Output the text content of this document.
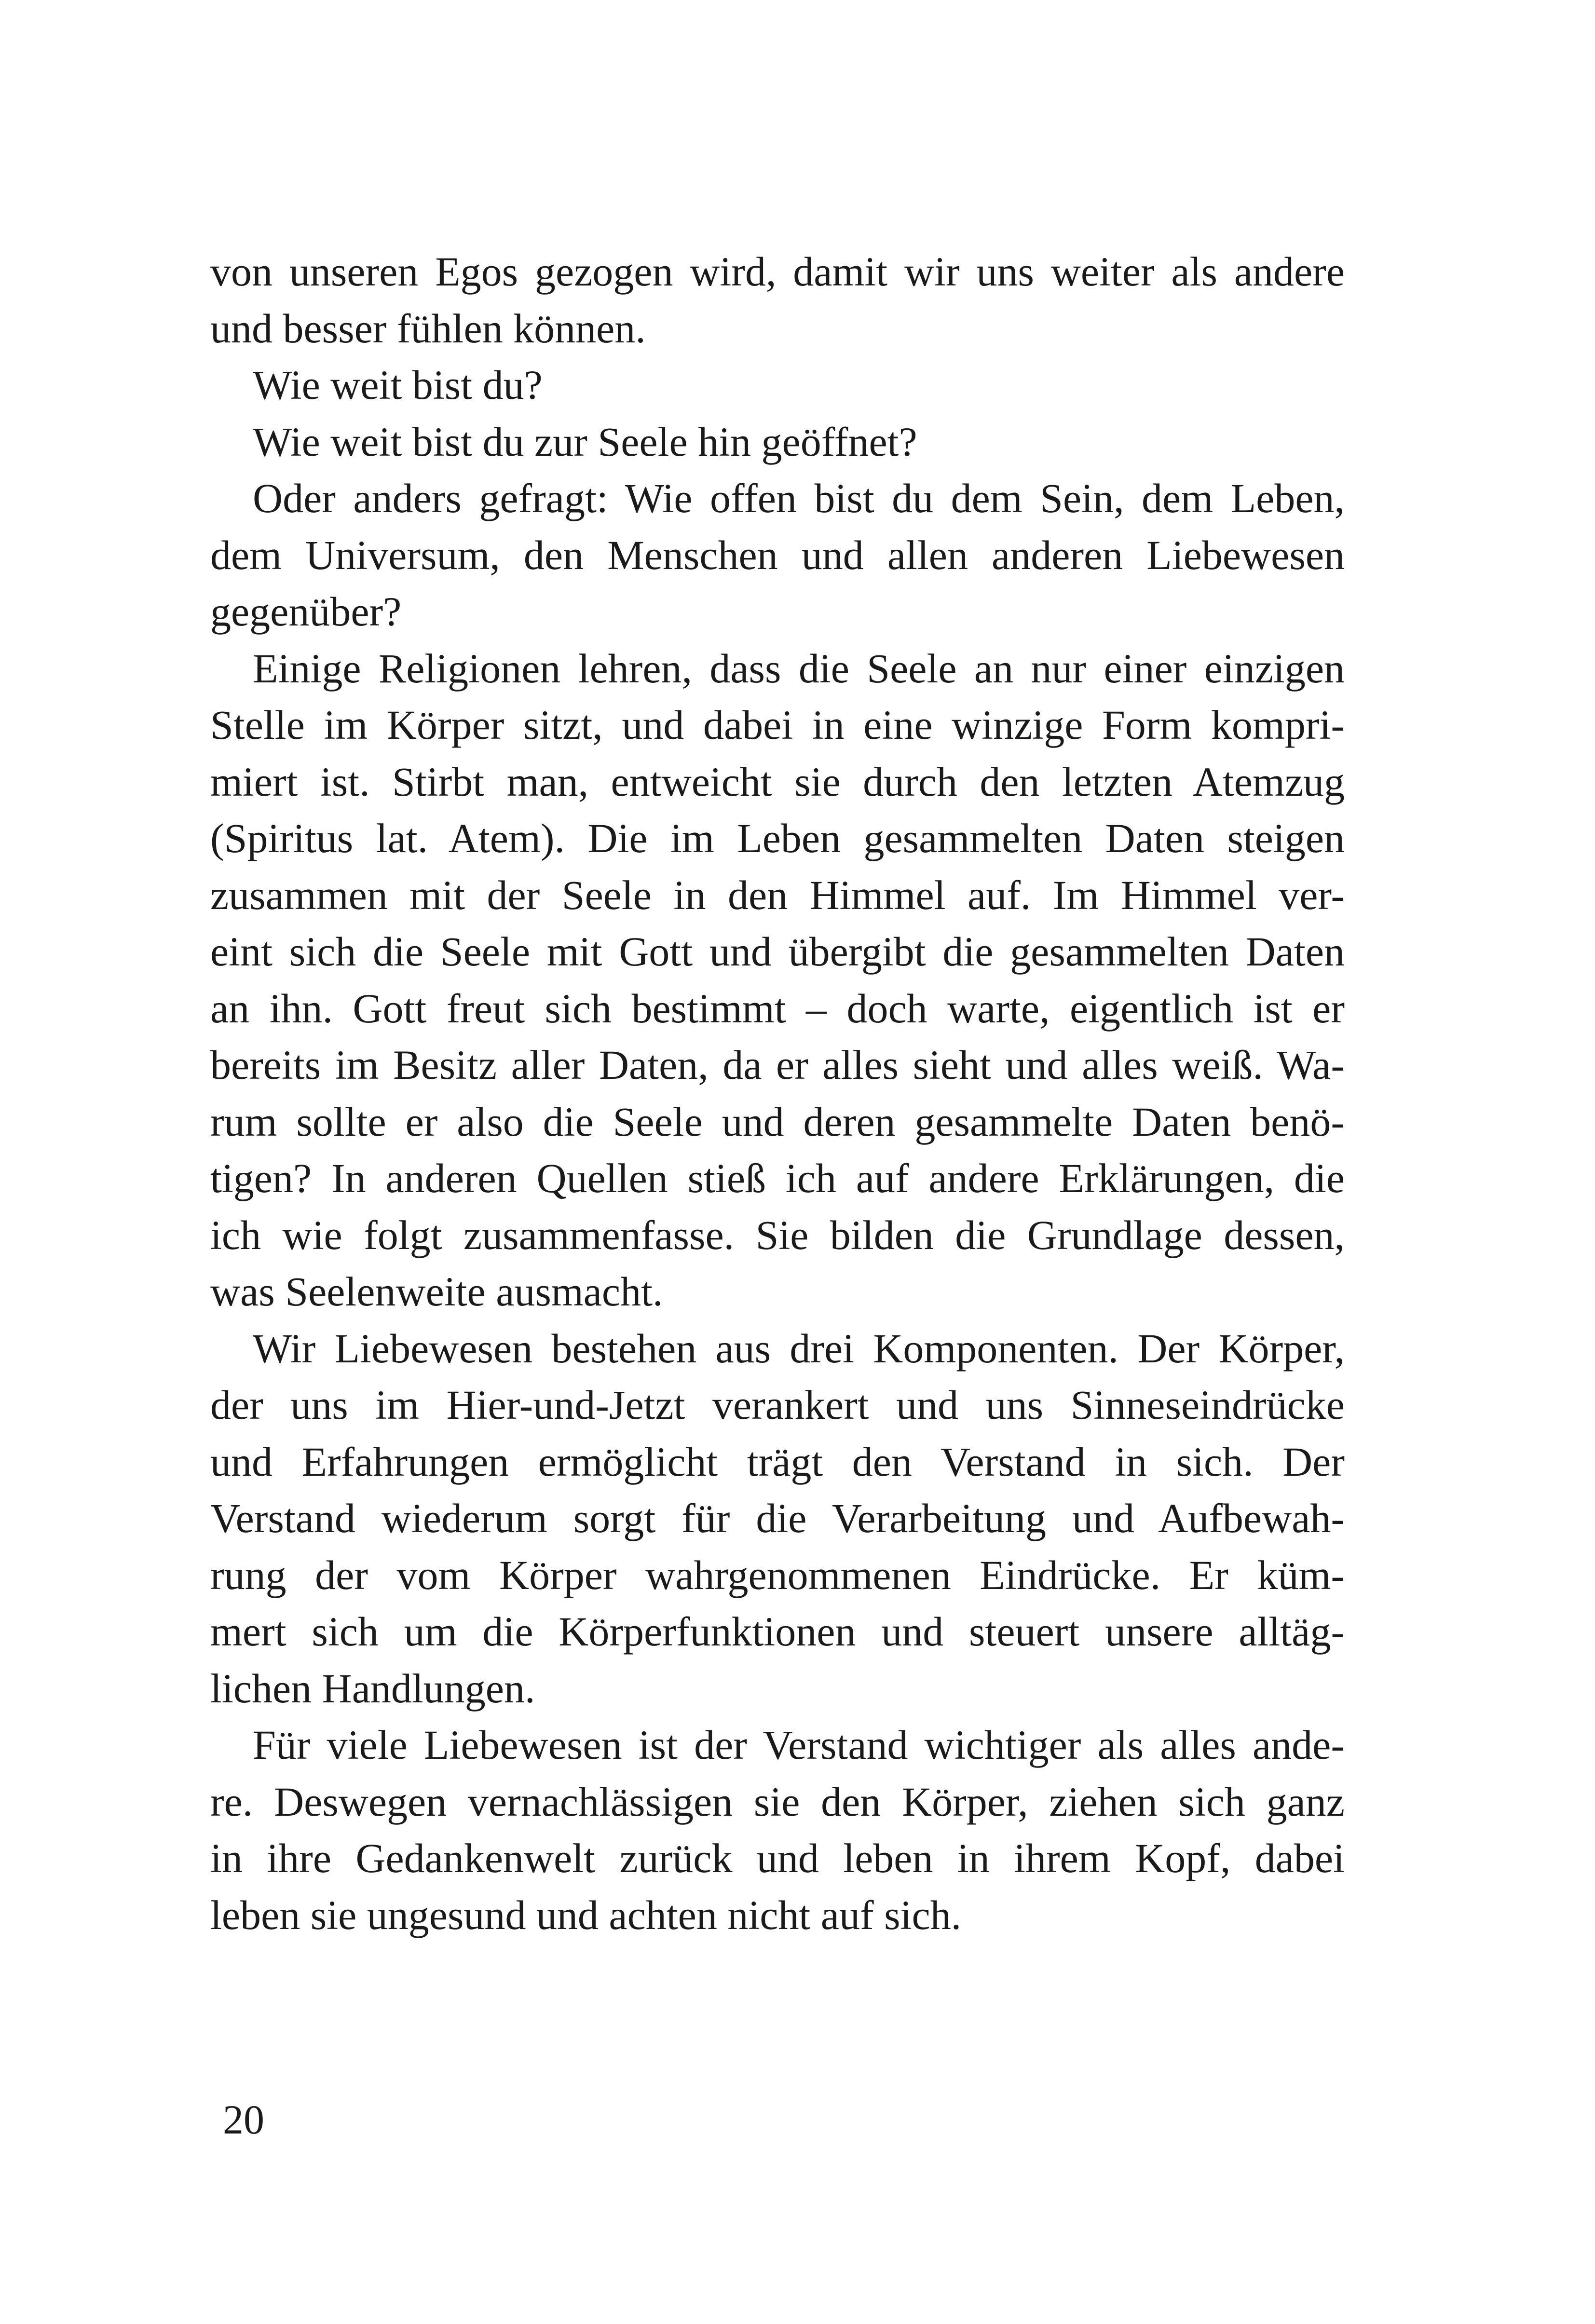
von unseren Egos gezogen wird, damit wir uns weiter als andere
und besser fühlen können.
Wie weit bist du?
Wie weit bist du zur Seele hin geöffnet?
Oder anders gefragt: Wie offen bist du dem Sein, dem Leben,
dem Universum, den Menschen und allen anderen Liebewesen
gegenüber?
Einige Religionen lehren, dass die Seele an nur einer einzigen
Stelle im Körper sitzt, und dabei in eine winzige Form kompri-
miert ist. Stirbt man, entweicht sie durch den letzten Atemzug
(Spiritus lat. Atem). Die im Leben gesammelten Daten steigen
zusammen mit der Seele in den Himmel auf. Im Himmel ver-
eint sich die Seele mit Gott und übergibt die gesammelten Daten
an ihn. Gott freut sich bestimmt – doch warte, eigentlich ist er
bereits im Besitz aller Daten, da er alles sieht und alles weiß. Wa-
rum sollte er also die Seele und deren gesammelte Daten benö-
tigen? In anderen Quellen stieß ich auf andere Erklärungen, die
ich wie folgt zusammenfasse. Sie bilden die Grundlage dessen,
was Seelenweite ausmacht.
Wir Liebewesen bestehen aus drei Komponenten. Der Körper,
der uns im Hier-und-Jetzt verankert und uns Sinneseindrücke
und Erfahrungen ermöglicht trägt den Verstand in sich. Der
Verstand wiederum sorgt für die Verarbeitung und Aufbewah-
rung der vom Körper wahrgenommenen Eindrücke. Er küm-
mert sich um die Körperfunktionen und steuert unsere alltäg-
lichen Handlungen.
Für viele Liebewesen ist der Verstand wichtiger als alles ande-
re. Deswegen vernachlässigen sie den Körper, ziehen sich ganz
in ihre Gedankenwelt zurück und leben in ihrem Kopf, dabei
leben sie ungesund und achten nicht auf sich.
20
